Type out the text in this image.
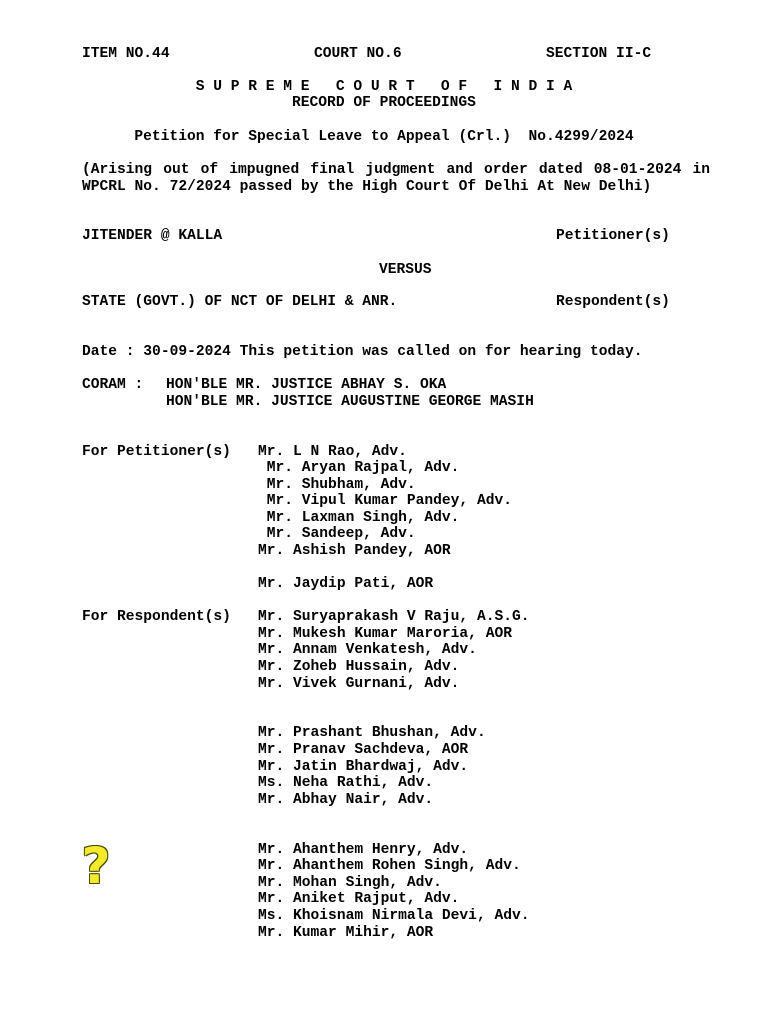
ITEM NO.44	COURT NO.6	SECTION II-C
S U P R E M E   C O U R T   O F   I N D I A
RECORD OF PROCEEDINGS
Petition for Special Leave to Appeal (Crl.)  No.4299/2024
(Arising out of impugned final judgment and order dated 08-01-2024 in WPCRL No. 72/2024 passed by the High Court Of Delhi At New Delhi)
JITENDER @ KALLA	Petitioner(s)
VERSUS
STATE (GOVT.) OF NCT OF DELHI & ANR.	Respondent(s)
Date : 30-09-2024 This petition was called on for hearing today.
CORAM : HON'BLE MR. JUSTICE ABHAY S. OKA
HON'BLE MR. JUSTICE AUGUSTINE GEORGE MASIH
For Petitioner(s) Mr. L N Rao, Adv.
Mr. Aryan Rajpal, Adv.
Mr. Shubham, Adv.
Mr. Vipul Kumar Pandey, Adv.
Mr. Laxman Singh, Adv.
Mr. Sandeep, Adv.
Mr. Ashish Pandey, AOR
Mr. Jaydip Pati, AOR
For Respondent(s) Mr. Suryaprakash V Raju, A.S.G.
Mr. Mukesh Kumar Maroria, AOR
Mr. Annam Venkatesh, Adv.
Mr. Zoheb Hussain, Adv.
Mr. Vivek Gurnani, Adv.
Mr. Prashant Bhushan, Adv.
Mr. Pranav Sachdeva, AOR
Mr. Jatin Bhardwaj, Adv.
Ms. Neha Rathi, Adv.
Mr. Abhay Nair, Adv.
Mr. Ahanthem Henry, Adv.
Mr. Ahanthem Rohen Singh, Adv.
Mr. Mohan Singh, Adv.
Mr. Aniket Rajput, Adv.
Ms. Khoisnam Nirmala Devi, Adv.
Mr. Kumar Mihir, AOR
?
